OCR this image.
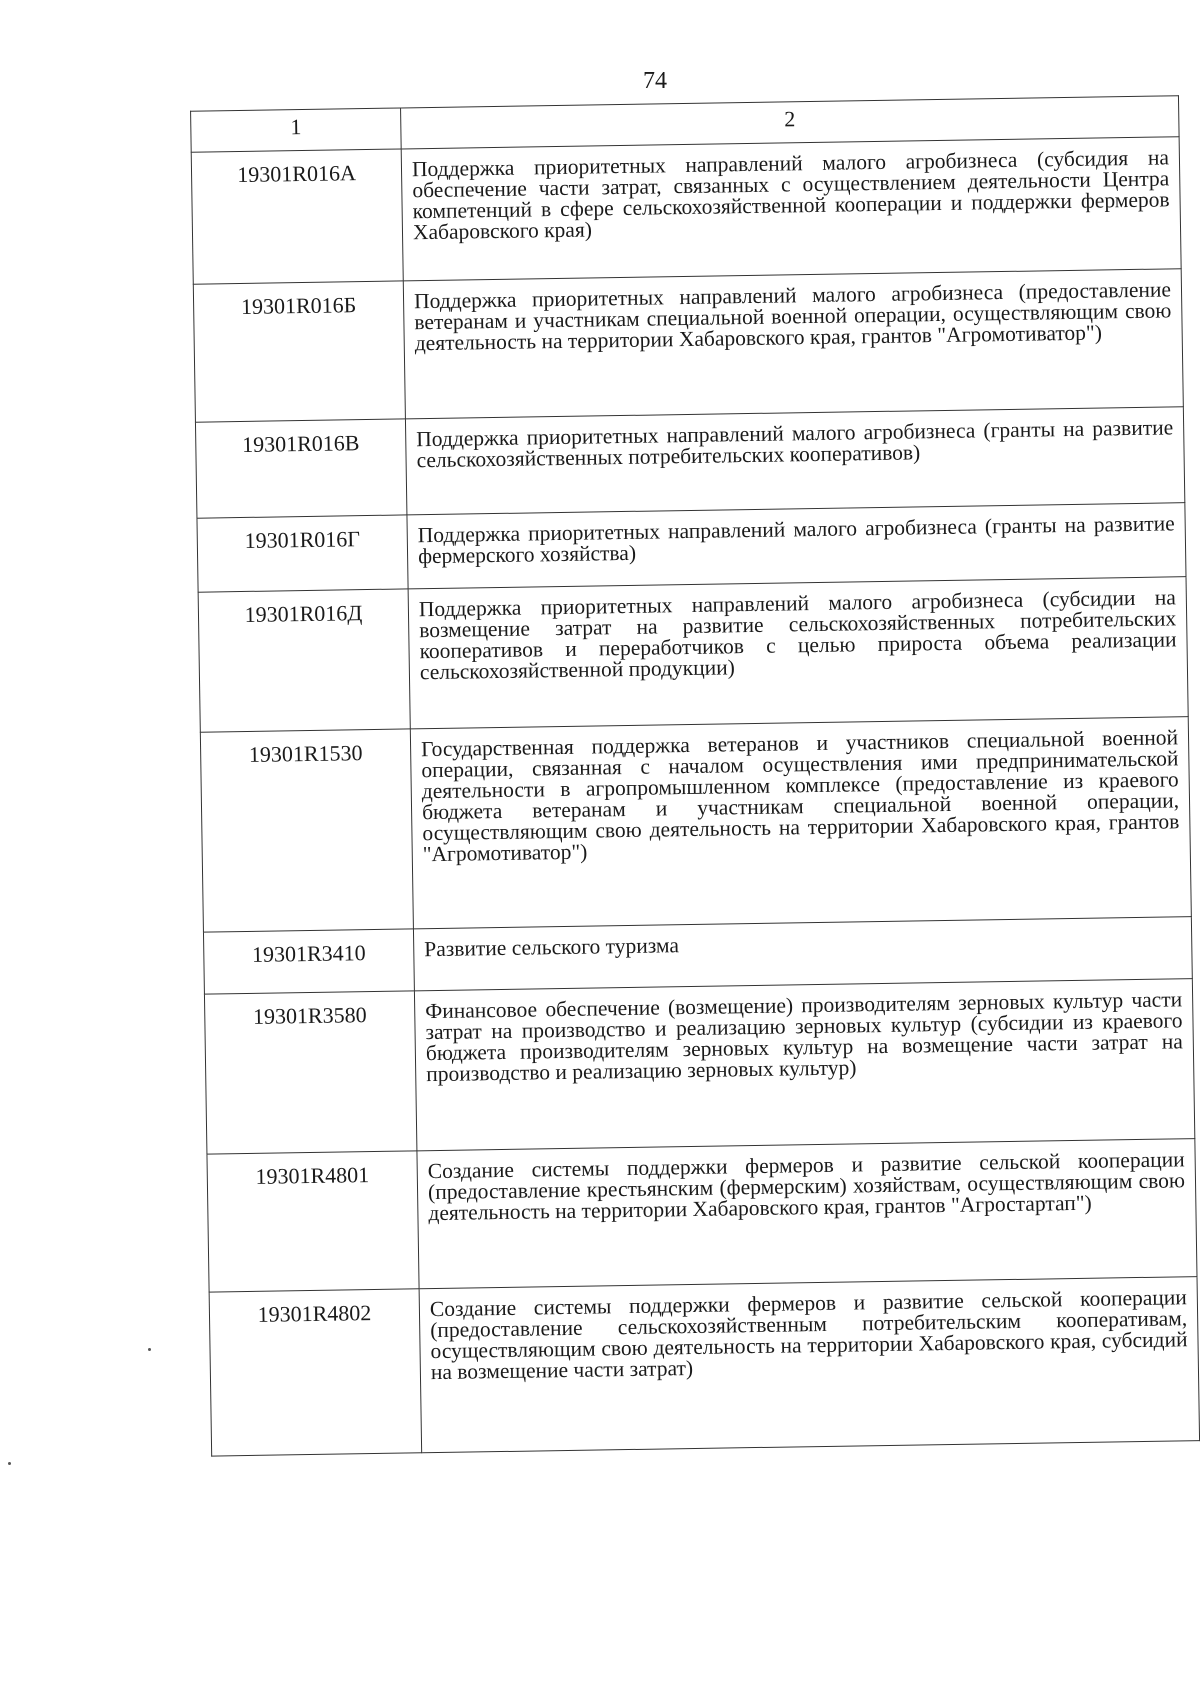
74
1	2
19301R016А	Поддержка приоритетных направлений малого агробизнеса (субсидия на обеспечение части затрат, связанных с осуществлением деятельности Центра компетенций в сфере сельскохозяйственной кооперации и поддержки фермеров Хабаровского края)
19301R016Б	Поддержка приоритетных направлений малого агробизнеса (предоставление ветеранам и участникам специальной военной операции, осуществляющим свою деятельность на территории Хабаровского края, грантов "Агромотиватор")
19301R016В	Поддержка приоритетных направлений малого агробизнеса (гранты на развитие сельскохозяйственных потребительских кооперативов)
19301R016Г	Поддержка приоритетных направлений малого агробизнеса (гранты на развитие фермерского хозяйства)
19301R016Д	Поддержка приоритетных направлений малого агробизнеса (субсидии на возмещение затрат на развитие сельскохозяйственных потребительских кооперативов и переработчиков с целью прироста объема реализации сельскохозяйственной продукции)
19301R1530	Государственная поддержка ветеранов и участников специальной военной операции, связанная с началом осуществления ими предпринимательской деятельности в агропромышленном комплексе (предоставление из краевого бюджета ветеранам и участникам специальной военной операции, осуществляющим свою деятельность на территории Хабаровского края, грантов "Агромотиватор")
19301R3410	Развитие сельского туризма
19301R3580	Финансовое обеспечение (возмещение) производителям зерновых культур части затрат на производство и реализацию зерновых культур (субсидии из краевого бюджета производителям зерновых культур на возмещение части затрат на производство и реализацию зерновых культур)
19301R4801	Создание системы поддержки фермеров и развитие сельской кооперации (предоставление крестьянским (фермерским) хозяйствам, осуществляющим свою деятельность на территории Хабаровского края, грантов "Агростартап")
19301R4802	Создание системы поддержки фермеров и развитие сельской кооперации (предоставление сельскохозяйственным потребительским кооперативам, осуществляющим свою деятельность на территории Хабаровского края, субсидий на возмещение части затрат)
